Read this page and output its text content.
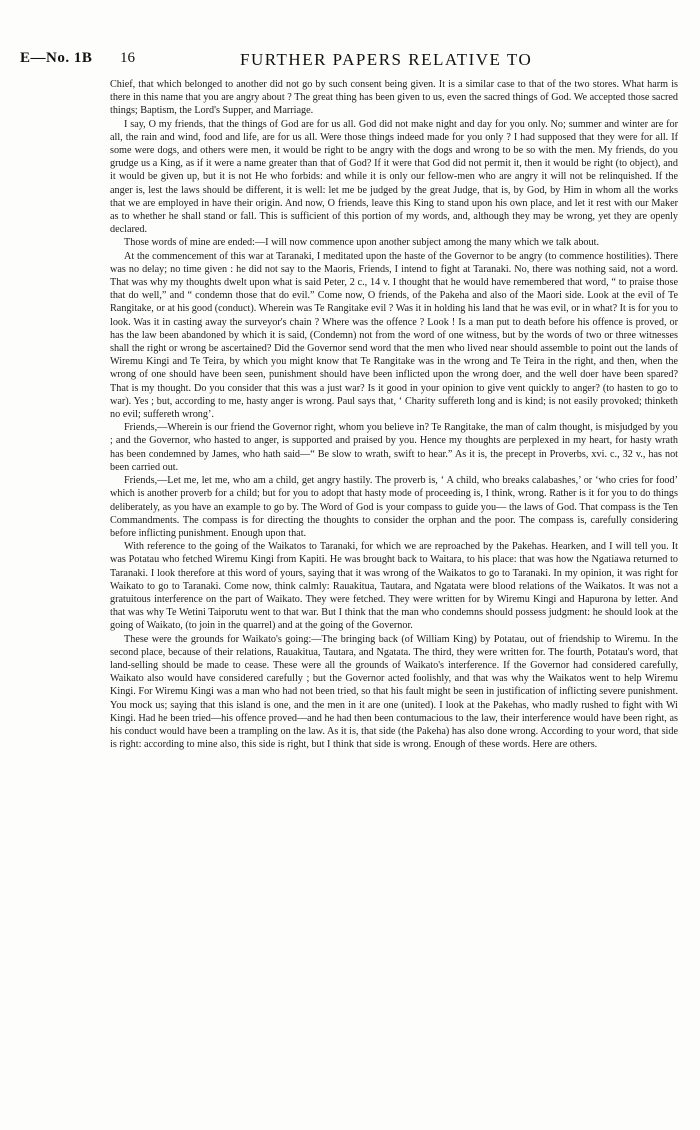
E—No. 1B 16	FURTHER PAPERS RELATIVE TO

Chief, that which belonged to another did not go by such consent being given. It is a similar case to that of the two stores. What harm is there in this name that you are angry about ? The great thing has been given to us, even the sacred things of God. We accepted those sacred things; Baptism, the Lord's Supper, and Marriage.

I say, O my friends, that the things of God are for us all. God did not make night and day for you only. No; summer and winter are for all, the rain and wind, food and life, are for us all. Were those things indeed made for you only ? I had supposed that they were for all. If some were dogs, and others were men, it would be right to be angry with the dogs and wrong to be so with the men. My friends, do you grudge us a King, as if it were a name greater than that of God? If it were that God did not permit it, then it would be right (to object), and it would be given up, but it is not He who forbids: and while it is only our fellow-men who are angry it will not be relinquished. If the anger is, lest the laws should be different, it is well: let me be judged by the great Judge, that is, by God, by Him in whom all the works that we are employed in have their origin. And now, O friends, leave this King to stand upon his own place, and let it rest with our Maker as to whether he shall stand or fall. This is sufficient of this portion of my words, and, although they may be wrong, yet they are openly declared.

Those words of mine are ended:—I will now commence upon another subject among the many which we talk about.

At the commencement of this war at Taranaki, I meditated upon the haste of the Governor to be angry (to commence hostilities). There was no delay; no time given : he did not say to the Maoris, Friends, I intend to fight at Taranaki. No, there was nothing said, not a word. That was why my thoughts dwelt upon what is said Peter, 2 c., 14 v. I thought that he would have remembered that word, “ to praise those that do well,” and “ condemn those that do evil.” Come now, O friends, of the Pakeha and also of the Maori side. Look at the evil of Te Rangitake, or at his good (conduct). Wherein was Te Rangitake evil ? Was it in holding his land that he was evil, or in what? It is for you to look. Was it in casting away the surveyor's chain ? Where was the offence ? Look ! Is a man put to death before his offence is proved, or has the law been abandoned by which it is said, (Condemn) not from the word of one witness, but by the words of two or three witnesses shall the right or wrong be ascertained? Did the Governor send word that the men who lived near should assemble to point out the lands of Wiremu Kingi and Te Teira, by which you might know that Te Rangitake was in the wrong and Te Teira in the right, and then, when the wrong of one should have been seen, punishment should have been inflicted upon the wrong doer, and the well doer have been spared? That is my thought. Do you consider that this was a just war? Is it good in your opinion to give vent quickly to anger? (to hasten to go to war). Yes ; but, according to me, hasty anger is wrong. Paul says that, ‘ Charity suffereth long and is kind; is not easily provoked; thinketh no evil; suffereth wrong’.

Friends,—Wherein is our friend the Governor right, whom you believe in? Te Rangitake, the man of calm thought, is misjudged by you ; and the Governor, who hasted to anger, is supported and praised by you. Hence my thoughts are perplexed in my heart, for hasty wrath has been condemned by James, who hath said—“ Be slow to wrath, swift to hear.” As it is, the precept in Proverbs, xvi. c., 32 v., has not been carried out.

Friends,—Let me, let me, who am a child, get angry hastily. The proverb is, ‘ A child, who breaks calabashes,’ or ‘who cries for food’ which is another proverb for a child; but for you to adopt that hasty mode of proceeding is, I think, wrong. Rather is it for you to do things deliberately, as you have an example to go by. The Word of God is your compass to guide you— the laws of God. That compass is the Ten Commandments. The compass is for directing the thoughts to consider the orphan and the poor. The compass is, carefully considering before inflicting punishment. Enough upon that.

With reference to the going of the Waikatos to Taranaki, for which we are reproached by the Pakehas. Hearken, and I will tell you. It was Potatau who fetched Wiremu Kingi from Kapiti. He was brought back to Waitara, to his place: that was how the Ngatiawa returned to Taranaki. I look therefore at this word of yours, saying that it was wrong of the Waikatos to go to Taranaki. In my opinion, it was right for Waikato to go to Taranaki. Come now, think calmly: Rauakitua, Tautara, and Ngatata were blood relations of the Waikatos. It was not a gratuitous interference on the part of Waikato. They were fetched. They were written for by Wiremu Kingi and Hapurona by letter. And that was why Te Wetini Taiporutu went to that war. But I think that the man who condemns should possess judgment: he should look at the going of Waikato, (to join in the quarrel) and at the going of the Governor.

These were the grounds for Waikato's going:—The bringing back (of William King) by Potatau, out of friendship to Wiremu. In the second place, because of their relations, Rauakitua, Tautara, and Ngatata. The third, they were written for. The fourth, Potatau's word, that land-selling should be made to cease. These were all the grounds of Waikato's interference. If the Governor had considered carefully, Waikato also would have considered carefully ; but the Governor acted foolishly, and that was why the Waikatos went to help Wiremu Kingi. For Wiremu Kingi was a man who had not been tried, so that his fault might be seen in justification of inflicting severe punishment. You mock us; saying that this island is one, and the men in it are one (united). I look at the Pakehas, who madly rushed to fight with Wi Kingi. Had he been tried—his offence proved—and he had then been contumacious to the law, their interference would have been right, as his conduct would have been a trampling on the law. As it is, that side (the Pakeha) has also done wrong. According to your word, that side is right: according to mine also, this side is right, but I think that side is wrong. Enough of these words. Here are others.
